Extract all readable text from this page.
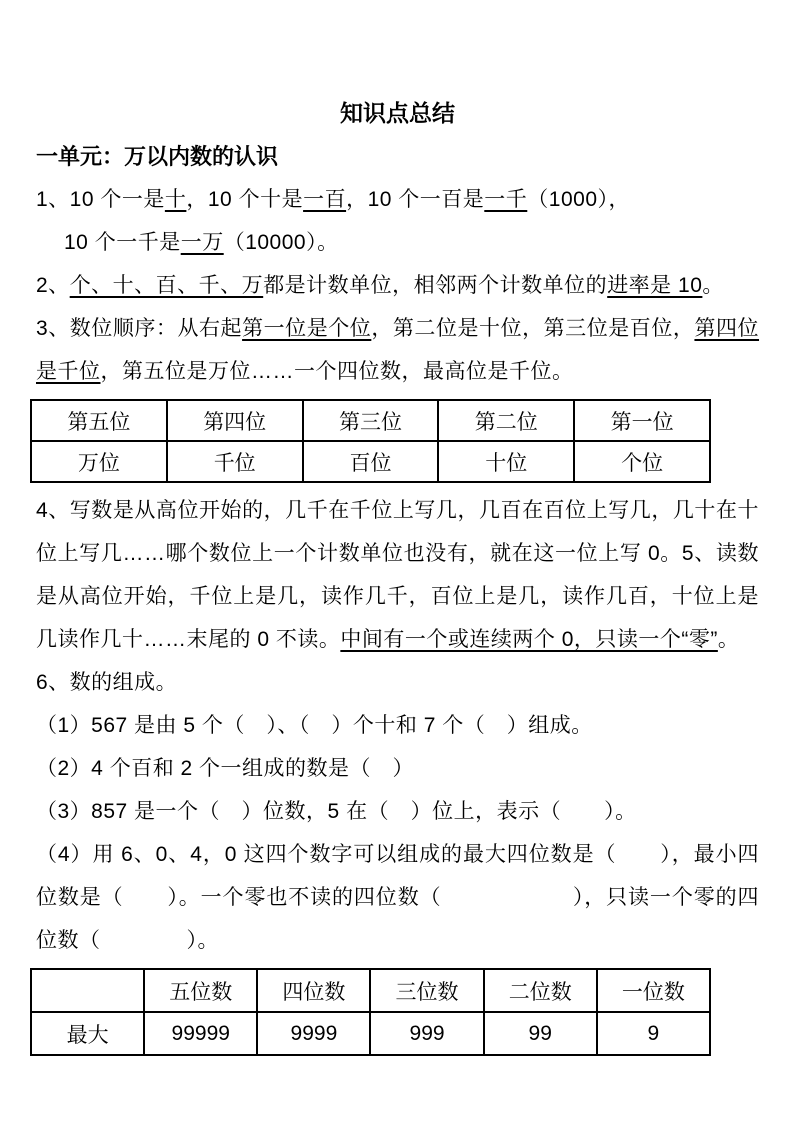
知识点总结
一单元：万以内数的认识

1、10 个一是十，10 个十是一百，10 个一百是一千（1000），

10 个一千是一万（10000）。

2、个、十、百、千、万都是计数单位，相邻两个计数单位的进率是 10。

3、数位顺序：从右起第一位是个位，第二位是十位，第三位是百位，第四位是千位，第五位是万位……一个四位数，最高位是千位。

第五位	第四位	第三位	第二位	第一位
万位	千位	百位	十位	个位

4、写数是从高位开始的，几千在千位上写几，几百在百位上写几，几十在十位上写几……哪个数位上一个计数单位也没有，就在这一位上写 0。5、读数是从高位开始，千位上是几，读作几千，百位上是几，读作几百，十位上是几读作几十……末尾的 0 不读。中间有一个或连续两个 0，只读一个“零”。

6、数的组成。

（1）567 是由 5 个（　）、（　）个十和 7 个（　）组成。

（2）4 个百和 2 个一组成的数是（　）

（3）857 是一个（　）位数，5 在（　）位上，表示（　　）。

（4）用 6、0、4，0 这四个数字可以组成的最大四位数是（　　），最小四位数是（　　）。一个零也不读的四位数（　　　　　　），只读一个零的四位数（　　　　）。

	五位数	四位数	三位数	二位数	一位数
最大	99999	9999	999	99	9
